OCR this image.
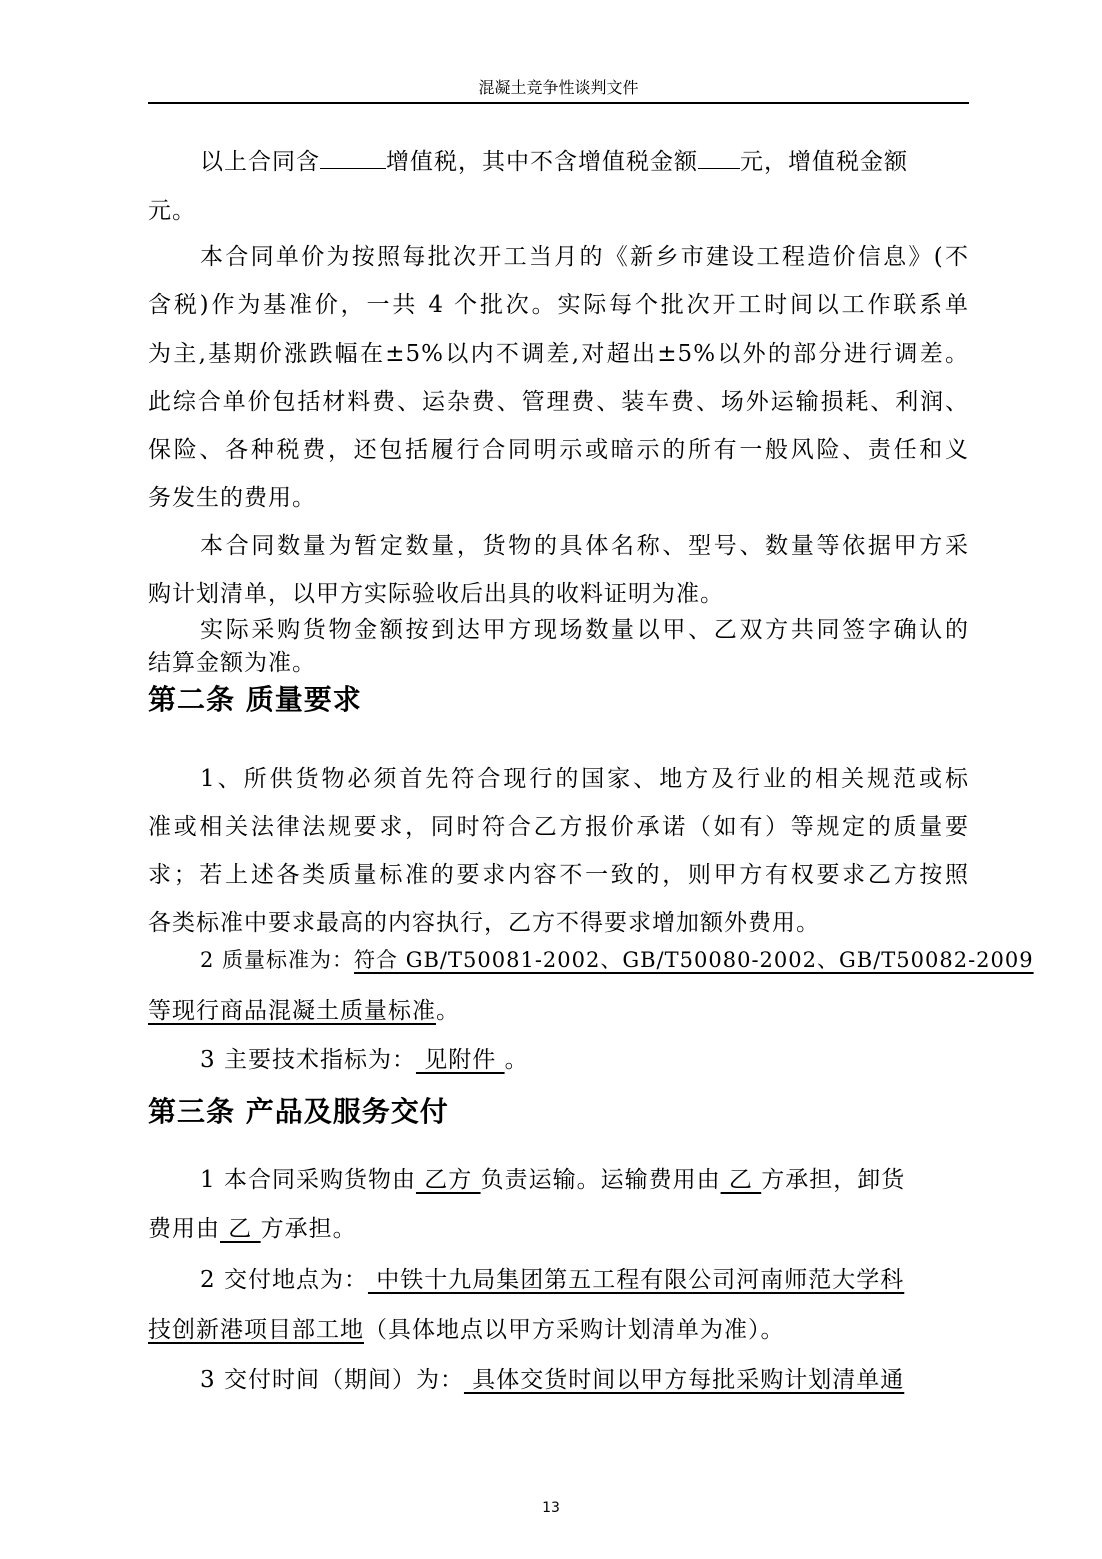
混凝土竞争性谈判文件
以上合同含	增值税，其中不含增值税金额 元，增值税金额
元。
本合同单价为按照每批次开工当月的《新乡市建设工程造价信息》(不
含税)作为基准价，一共 4 个批次。实际每个批次开工时间以工作联系单
为主,基期价涨跌幅在±5%以内不调差,对超出±5%以外的部分进行调差。
此综合单价包括材料费、运杂费、管理费、装车费、场外运输损耗、利润、
保险、各种税费，还包括履行合同明示或暗示的所有一般风险、责任和义
务发生的费用。
本合同数量为暂定数量，货物的具体名称、型号、数量等依据甲方采
购计划清单，以甲方实际验收后出具的收料证明为准。
实际采购货物金额按到达甲方现场数量以甲、乙双方共同签字确认的
结算金额为准。
第二条 质量要求
1、所供货物必须首先符合现行的国家、地方及行业的相关规范或标
准或相关法律法规要求，同时符合乙方报价承诺（如有）等规定的质量要
求；若上述各类质量标准的要求内容不一致的，则甲方有权要求乙方按照
各类标准中要求最高的内容执行，乙方不得要求增加额外费用。
2 质量标准为：符合 GB/T50081-2002、GB/T50080-2002、GB/T50082-2009
等现行商品混凝土质量标准。
3 主要技术指标为： 见附件 。
第三条 产品及服务交付
1 本合同采购货物由 乙方 负责运输。运输费用由 乙 方承担，卸货
费用由 乙 方承担。
2 交付地点为： 中铁十九局集团第五工程有限公司河南师范大学科
技创新港项目部工地（具体地点以甲方采购计划清单为准）。
3 交付时间（期间）为： 具体交货时间以甲方每批采购计划清单通
13
